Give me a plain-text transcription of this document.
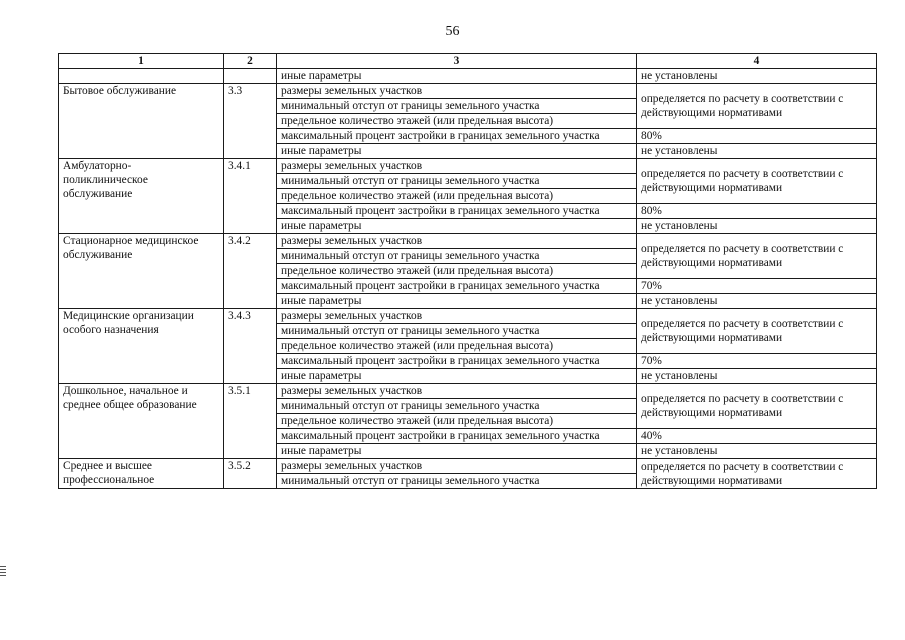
56
1	2	3	4
		иные параметры	не установлены
Бытовое обслуживание	3.3	размеры земельных участков	определяется по расчету в соответствии с действующими нормативами
		минимальный отступ от границы земельного участка	
		предельное количество этажей (или предельная высота)	
		максимальный процент застройки в границах земельного участка	80%
		иные параметры	не установлены
Амбулаторно-
поликлиническое
обслуживание	3.4.1	размеры земельных участков	определяется по расчету в соответствии с действующими нормативами
		минимальный отступ от границы земельного участка	
		предельное количество этажей (или предельная высота)	
		максимальный процент застройки в границах земельного участка	80%
		иные параметры	не установлены
Стационарное медицинское обслуживание	3.4.2	размеры земельных участков	определяется по расчету в соответствии с действующими нормативами
		минимальный отступ от границы земельного участка	
		предельное количество этажей (или предельная высота)	
		максимальный процент застройки в границах земельного участка	70%
		иные параметры	не установлены
Медицинские организации особого назначения	3.4.3	размеры земельных участков	определяется по расчету в соответствии с действующими нормативами
		минимальный отступ от границы земельного участка	
		предельное количество этажей (или предельная высота)	
		максимальный процент застройки в границах земельного участка	70%
		иные параметры	не установлены
Дошкольное, начальное и среднее общее образование	3.5.1	размеры земельных участков	определяется по расчету в соответствии с действующими нормативами
		минимальный отступ от границы земельного участка	
		предельное количество этажей (или предельная высота)	
		максимальный процент застройки в границах земельного участка	40%
		иные параметры	не установлены
Среднее и высшее профессиональное	3.5.2	размеры земельных участков	определяется по расчету в соответствии с действующими нормативами
		минимальный отступ от границы земельного участка	
